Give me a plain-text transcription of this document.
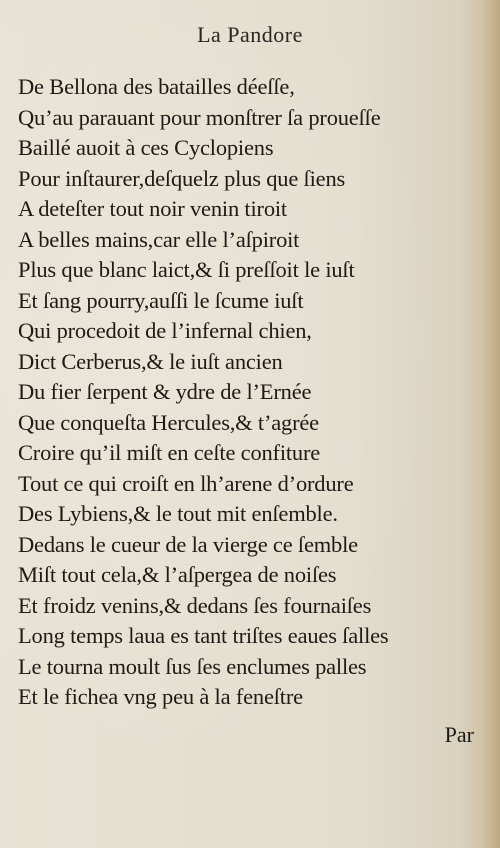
La Pandore
De Bellona des batailles déeſſe,
Qu’au parauant pour monſtrer ſa proueſſe
Baillé auoit à ces Cyclopiens
Pour inſtaurer,deſquelz plus que ſiens
A deteſter tout noir venin tiroit
A belles mains,car elle l’aſpiroit
Plus que blanc laict,& ſi preſſoit le iuſt
Et ſang pourry,auſſi le ſcume iuſt
Qui procedoit de l’infernal chien,
Dict Cerberus,& le iuſt ancien
Du fier ſerpent & ydre de l’Ernée
Que conqueſta Hercules,& t’agrée
Croire qu’il miſt en ceſte confiture
Tout ce qui croiſt en lh’arene d’ordure
Des Lybiens,& le tout mit enſemble.
Dedans le cueur de la vierge ce ſemble
Miſt tout cela,& l’aſpergea de noiſes
Et froidz venins,& dedans ſes fournaiſes
Long temps laua es tant triſtes eaues ſalles
Le tourna moult ſus ſes enclumes palles
Et le fichea vng peu à la feneſtre
Par
